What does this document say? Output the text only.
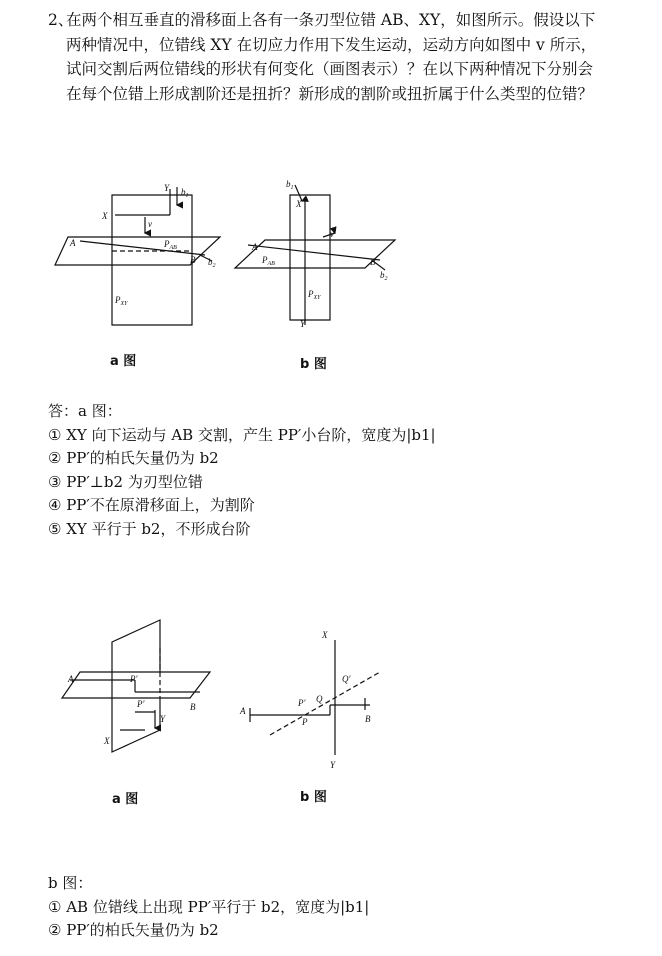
2、
在两个相互垂直的滑移面上各有一条刃型位错 AB、XY，如图所示。假设以下两种情况中，位错线 XY 在切应力作用下发生运动，运动方向如图中 v 所示，试问交割后两位错线的形状有何变化（画图表示）？在以下两种情况下分别会在每个位错上形成割阶还是扭折？新形成的割阶或扭折属于什么类型的位错？
Y $b_1$
X
v
A	$P_{AB}$
B $b_2$
$P_{XY}$
$b_1$
X
v
A
$P_{AB}$	B
$b_2$
$P_{XY}$
Y
a 图	b 图
答：a 图：
① XY 向下运动与 AB 交割，产生 PP′小台阶，宽度为|b1|
② PP′的柏氏矢量仍为 b2
③ PP′⊥b2 为刃型位错
④ PP′不在原滑移面上，为割阶
⑤ XY 平行于 b2，不形成台阶
A	P′
P′	B
Y
X
X
Q′
A
P′ Q
P	B
Y
a 图	b 图
b 图：
① AB 位错线上出现 PP′平行于 b2，宽度为|b1|
② PP′的柏氏矢量仍为 b2
